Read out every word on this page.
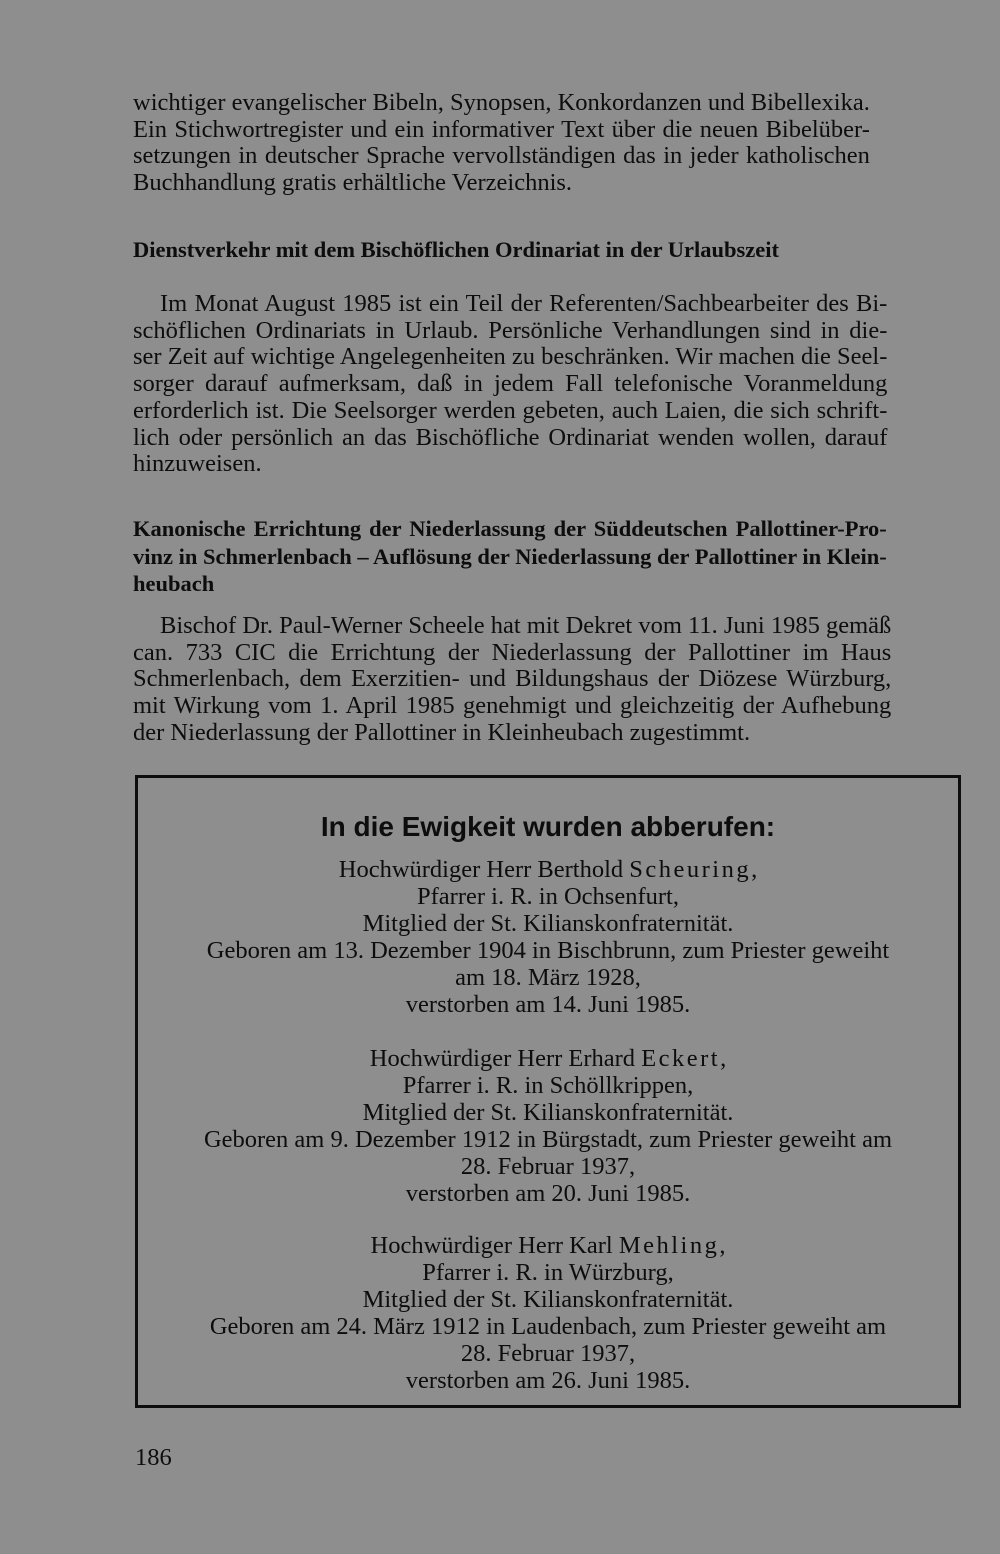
wichtiger evangelischer Bibeln, Synopsen, Konkordanzen und Bibellexika.
Ein Stichwortregister und ein informativer Text über die neuen Bibelüber-
setzungen in deutscher Sprache vervollständigen das in jeder katholischen
Buchhandlung gratis erhältliche Verzeichnis.

Dienstverkehr mit dem Bischöflichen Ordinariat in der Urlaubszeit

Im Monat August 1985 ist ein Teil der Referenten/Sachbearbeiter des Bi-
schöflichen Ordinariats in Urlaub. Persönliche Verhandlungen sind in die-
ser Zeit auf wichtige Angelegenheiten zu beschränken. Wir machen die Seel-
sorger darauf aufmerksam, daß in jedem Fall telefonische Voranmeldung
erforderlich ist. Die Seelsorger werden gebeten, auch Laien, die sich schrift-
lich oder persönlich an das Bischöfliche Ordinariat wenden wollen, darauf
hinzuweisen.

Kanonische Errichtung der Niederlassung der Süddeutschen Pallottiner-Pro-
vinz in Schmerlenbach – Auflösung der Niederlassung der Pallottiner in Klein-
heubach

Bischof Dr. Paul-Werner Scheele hat mit Dekret vom 11. Juni 1985 gemäß
can. 733 CIC die Errichtung der Niederlassung der Pallottiner im Haus
Schmerlenbach, dem Exerzitien- und Bildungshaus der Diözese Würzburg,
mit Wirkung vom 1. April 1985 genehmigt und gleichzeitig der Aufhebung
der Niederlassung der Pallottiner in Kleinheubach zugestimmt.

In die Ewigkeit wurden abberufen:
Hochwürdiger Herr Berthold Scheuring,
Pfarrer i. R. in Ochsenfurt,
Mitglied der St. Kilianskonfraternität.
Geboren am 13. Dezember 1904 in Bischbrunn, zum Priester geweiht
am 18. März 1928,
verstorben am 14. Juni 1985.
Hochwürdiger Herr Erhard Eckert,
Pfarrer i. R. in Schöllkrippen,
Mitglied der St. Kilianskonfraternität.
Geboren am 9. Dezember 1912 in Bürgstadt, zum Priester geweiht am
28. Februar 1937,
verstorben am 20. Juni 1985.
Hochwürdiger Herr Karl Mehling,
Pfarrer i. R. in Würzburg,
Mitglied der St. Kilianskonfraternität.
Geboren am 24. März 1912 in Laudenbach, zum Priester geweiht am
28. Februar 1937,
verstorben am 26. Juni 1985.
186
